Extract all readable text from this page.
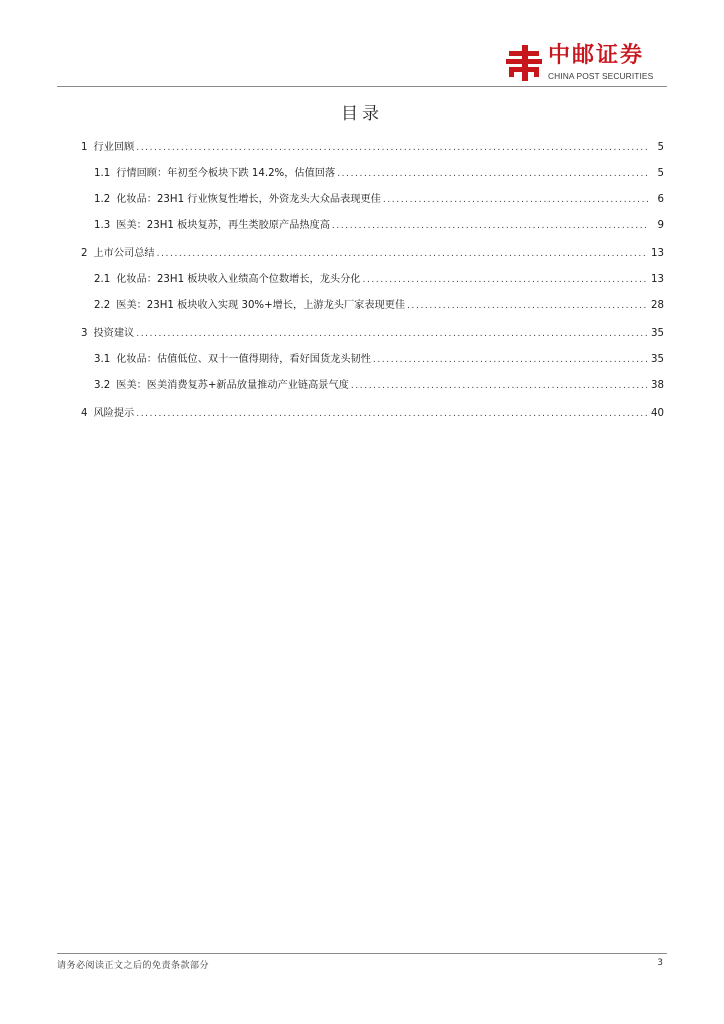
中邮证券
CHINA POST SECURITIES
目录
1 行业回顾 .....	5
1.1 行情回顾：年初至今板块下跌 14.2%，估值回落 .....	5
1.2 化妆品：23H1 行业恢复性增长，外资龙头大众品表现更佳 .....	6
1.3 医美：23H1 板块复苏，再生类胶原产品热度高 .....	9
2 上市公司总结 .....	13
2.1 化妆品：23H1 板块收入业绩高个位数增长，龙头分化 .....	13
2.2 医美：23H1 板块收入实现 30%+增长，上游龙头厂家表现更佳 .....	28
3 投资建议 .....	35
3.1 化妆品：估值低位、双十一值得期待，看好国货龙头韧性 .....	35
3.2 医美：医美消费复苏+新品放量推动产业链高景气度 .....	38
4 风险提示 .....	40
请务必阅读正文之后的免责条款部分	3
